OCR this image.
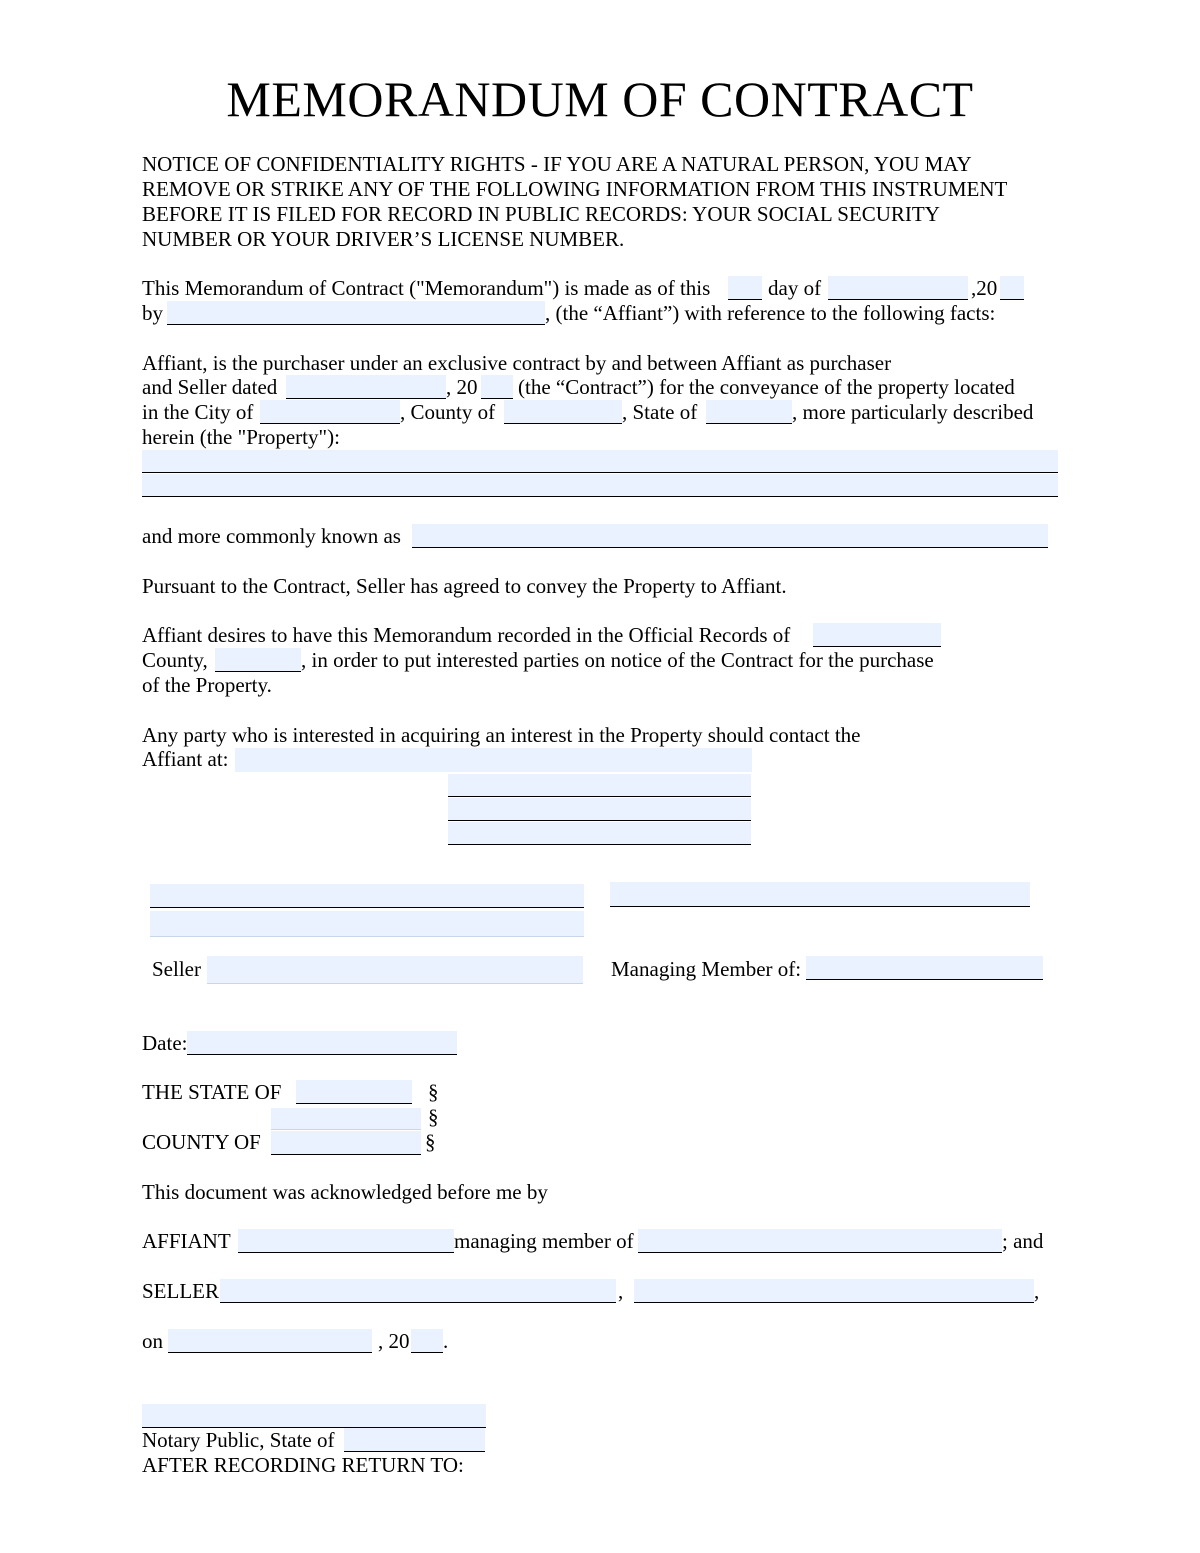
MEMORANDUM OF CONTRACT
NOTICE OF CONFIDENTIALITY RIGHTS - IF YOU ARE A NATURAL PERSON, YOU MAY
REMOVE OR STRIKE ANY OF THE FOLLOWING INFORMATION FROM THIS INSTRUMENT
BEFORE IT IS FILED FOR RECORD IN PUBLIC RECORDS: YOUR SOCIAL SECURITY
NUMBER OR YOUR DRIVER’S LICENSE NUMBER.
This Memorandum of Contract ("Memorandum") is made as of this	day of	,20
by	, (the “Affiant”) with reference to the following facts:
Affiant, is the purchaser under an exclusive contract by and between Affiant as purchaser
and Seller dated	, 20 (the “Contract”) for the conveyance of the property located
in the City of	, County of	, State of	, more particularly described
herein (the "Property"):
and more commonly known as
Pursuant to the Contract, Seller has agreed to convey the Property to Affiant.
Affiant desires to have this Memorandum recorded in the Official Records of
County,	, in order to put interested parties on notice of the Contract for the purchase
of the Property.
Any party who is interested in acquiring an interest in the Property should contact the
Affiant at:
Seller	Managing Member of:
Date:
THE STATE OF	§
§
COUNTY OF	§
This document was acknowledged before me by
AFFIANT	managing member of	; and
SELLER	,	,
on	, 20 .
Notary Public, State of
AFTER RECORDING RETURN TO:
